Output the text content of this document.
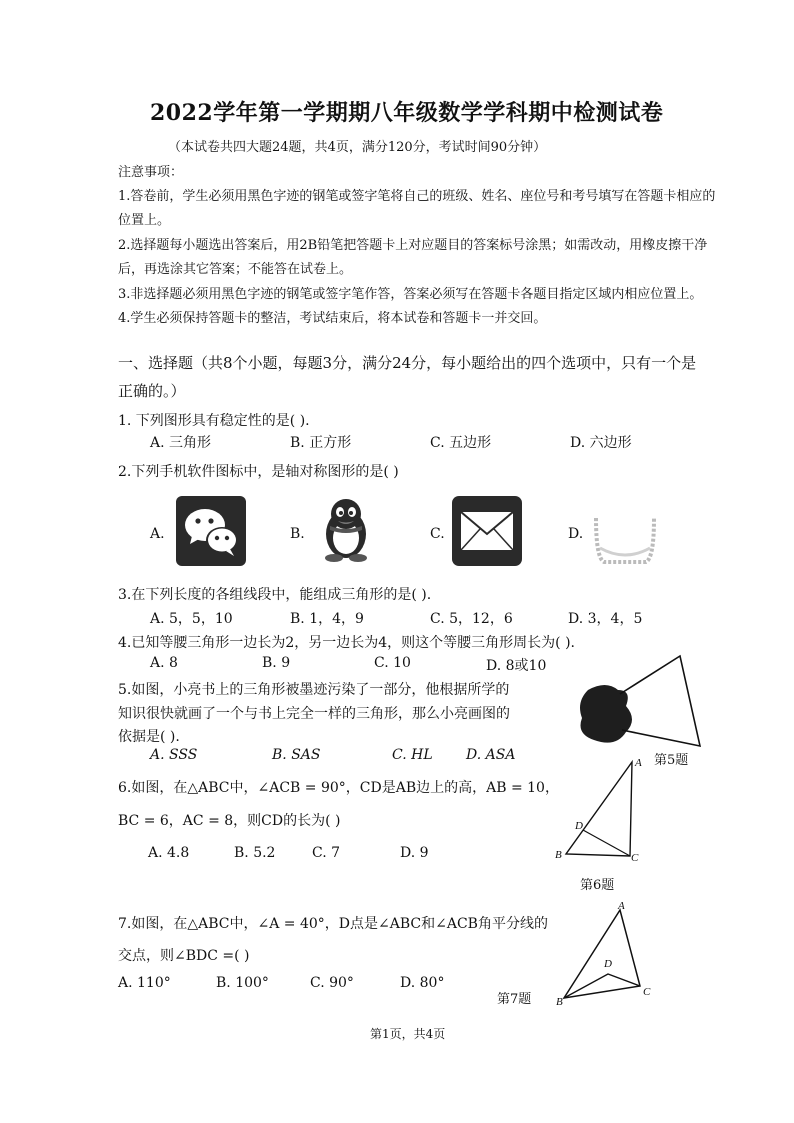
2022学年第一学期期八年级数学学科期中检测试卷
（本试卷共四大题24题，共4页，满分120分，考试时间90分钟）
注意事项：
1.答卷前，学生必须用黑色字迹的钢笔或签字笔将自己的班级、姓名、座位号和考号填写在答题卡相应的
位置上。
2.选择题每小题选出答案后，用2B铅笔把答题卡上对应题目的答案标号涂黑；如需改动，用橡皮擦干净
后，再选涂其它答案；不能答在试卷上。
3.非选择题必须用黑色字迹的钢笔或签字笔作答，答案必须写在答题卡各题目指定区域内相应位置上。
4.学生必须保持答题卡的整洁，考试结束后，将本试卷和答题卡一并交回。
一、选择题（共8个小题，每题3分，满分24分，每小题给出的四个选项中，只有一个是
正确的。）
1. 下列图形具有稳定性的是( ).
A. 三角形	B. 正方形	C. 五边形	D. 六边形
2.下列手机软件图标中，是轴对称图形的是( )
A.	B.	C.	D.
3.在下列长度的各组线段中，能组成三角形的是( ).
A. 5，5，10	B. 1，4，9	C. 5，12，6	D. 3，4，5
4.已知等腰三角形一边长为2，另一边长为4，则这个等腰三角形周长为( ).
A. 8	B. 9	C. 10	D. 8或10
5.如图，小亮书上的三角形被墨迹污染了一部分，他根据所学的
知识很快就画了一个与书上完全一样的三角形，那么小亮画图的
依据是( ).
A. SSS	B. SAS	C. HL D. ASA	第5题
6.如图，在△ABC中，∠ACB = 90°，CD是AB边上的高，AB = 10，
BC = 6，AC = 8，则CD的长为( )
A. 4.8	B. 5.2	C. 7	D. 9
A
B	C
D
第6题
7.如图，在△ABC中，∠A = 40°，D点是∠ABC和∠ACB角平分线的
交点，则∠BDC =( )
A. 110°	B. 100°	C. 90°	D. 80°
A
B
C
D
第7题
第1页，共4页
